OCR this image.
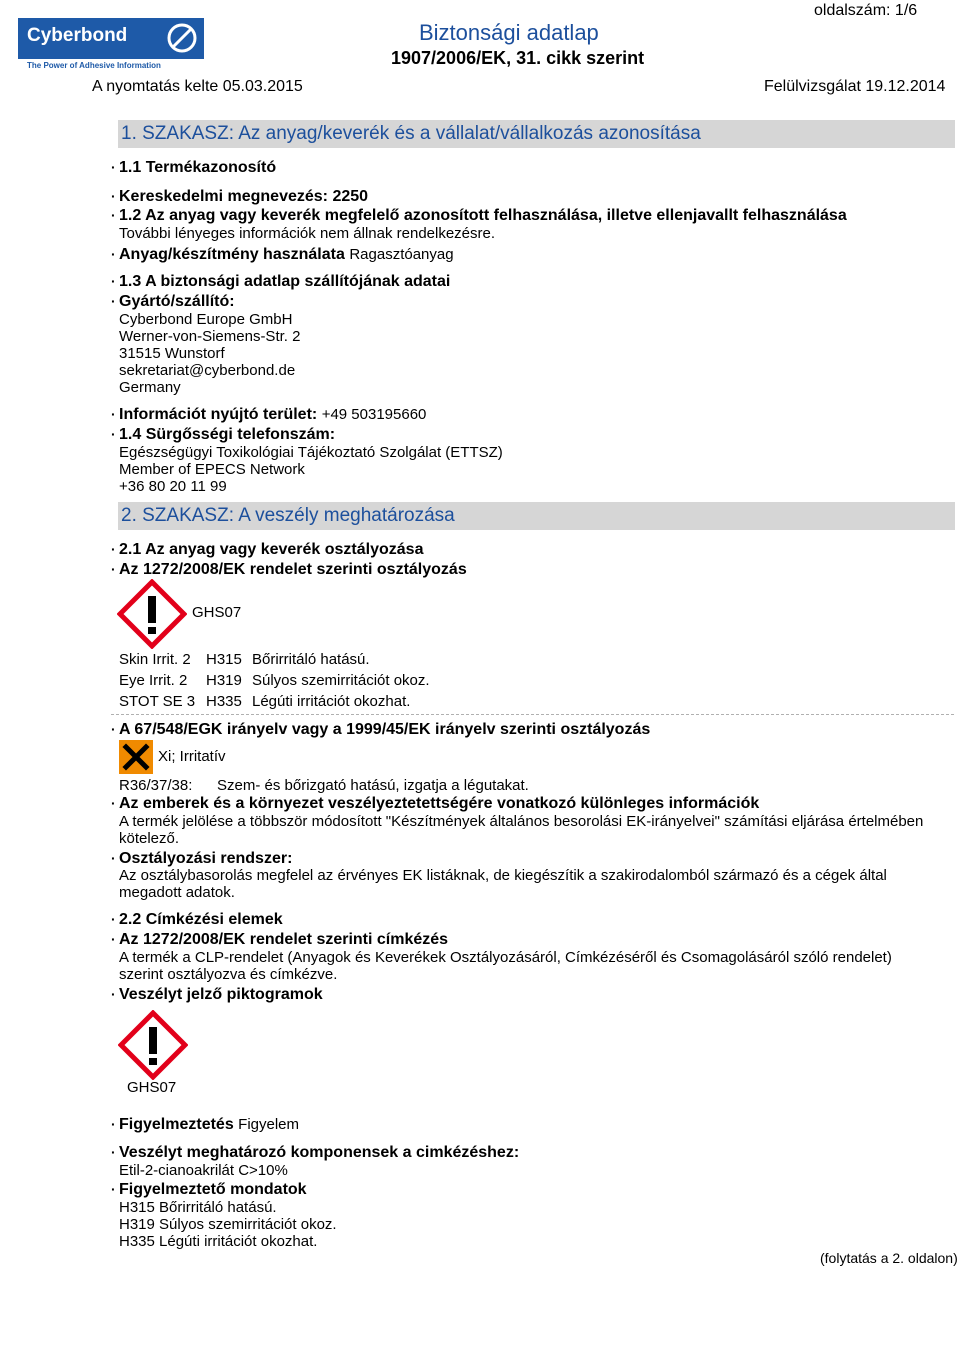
Cyberbond
The Power of Adhesive Information
Biztonsági adatlap
1907/2006/EK, 31. cikk szerint
oldalszám: 1/6
A nyomtatás kelte 05.03.2015	Felülvizsgálat 19.12.2014
1. SZAKASZ: Az anyag/keverék és a vállalat/vállalkozás azonosítása
· 1.1 Termékazonosító
· Kereskedelmi megnevezés: 2250
· 1.2 Az anyag vagy keverék megfelelő azonosított felhasználása, illetve ellenjavallt felhasználása
További lényeges információk nem állnak rendelkezésre.
· Anyag/készítmény használata Ragasztóanyag
· 1.3 A biztonsági adatlap szállítójának adatai
· Gyártó/szállító:
Cyberbond Europe GmbH
Werner-von-Siemens-Str. 2
31515 Wunstorf
sekretariat@cyberbond.de
Germany
· Információt nyújtó terület: +49 503195660
· 1.4 Sürgősségi telefonszám:
Egészségügyi Toxikológiai Tájékoztató Szolgálat (ETTSZ)
Member of EPECS Network
+36 80 20 11 99
2. SZAKASZ: A veszély meghatározása
· 2.1 Az anyag vagy keverék osztályozása
· Az 1272/2008/EK rendelet szerinti osztályozás
GHS07
Skin Irrit. 2 H315 Bőrirritáló hatású.
Eye Irrit. 2 H319 Súlyos szemirritációt okoz.
STOT SE 3 H335 Légúti irritációt okozhat.
· A 67/548/EGK irányelv vagy a 1999/45/EK irányelv szerinti osztályozás
Xi; Irritatív
R36/37/38: Szem- és bőrizgató hatású, izgatja a légutakat.
· Az emberek és a környezet veszélyeztetettségére vonatkozó különleges információk
A termék jelölése a többször módosított "Készítmények általános besorolási EK-irányelvei" számítási eljárása értelmében
kötelező.
· Osztályozási rendszer:
Az osztálybasorolás megfelel az érvényes EK listáknak, de kiegészítik a szakirodalomból származó és a cégek által
megadott adatok.
· 2.2 Címkézési elemek
· Az 1272/2008/EK rendelet szerinti címkézés
A termék a CLP-rendelet (Anyagok és Keverékek Osztályozásáról, Címkézéséről és Csomagolásáról szóló rendelet)
szerint osztályozva és címkézve.
· Veszélyt jelző piktogramok
GHS07
· Figyelmeztetés Figyelem
· Veszélyt meghatározó komponensek a cimkézéshez:
Etil-2-cianoakrilát C>10%
· Figyelmeztető mondatok
H315 Bőrirritáló hatású.
H319 Súlyos szemirritációt okoz.
H335 Légúti irritációt okozhat.
(folytatás a 2. oldalon)
